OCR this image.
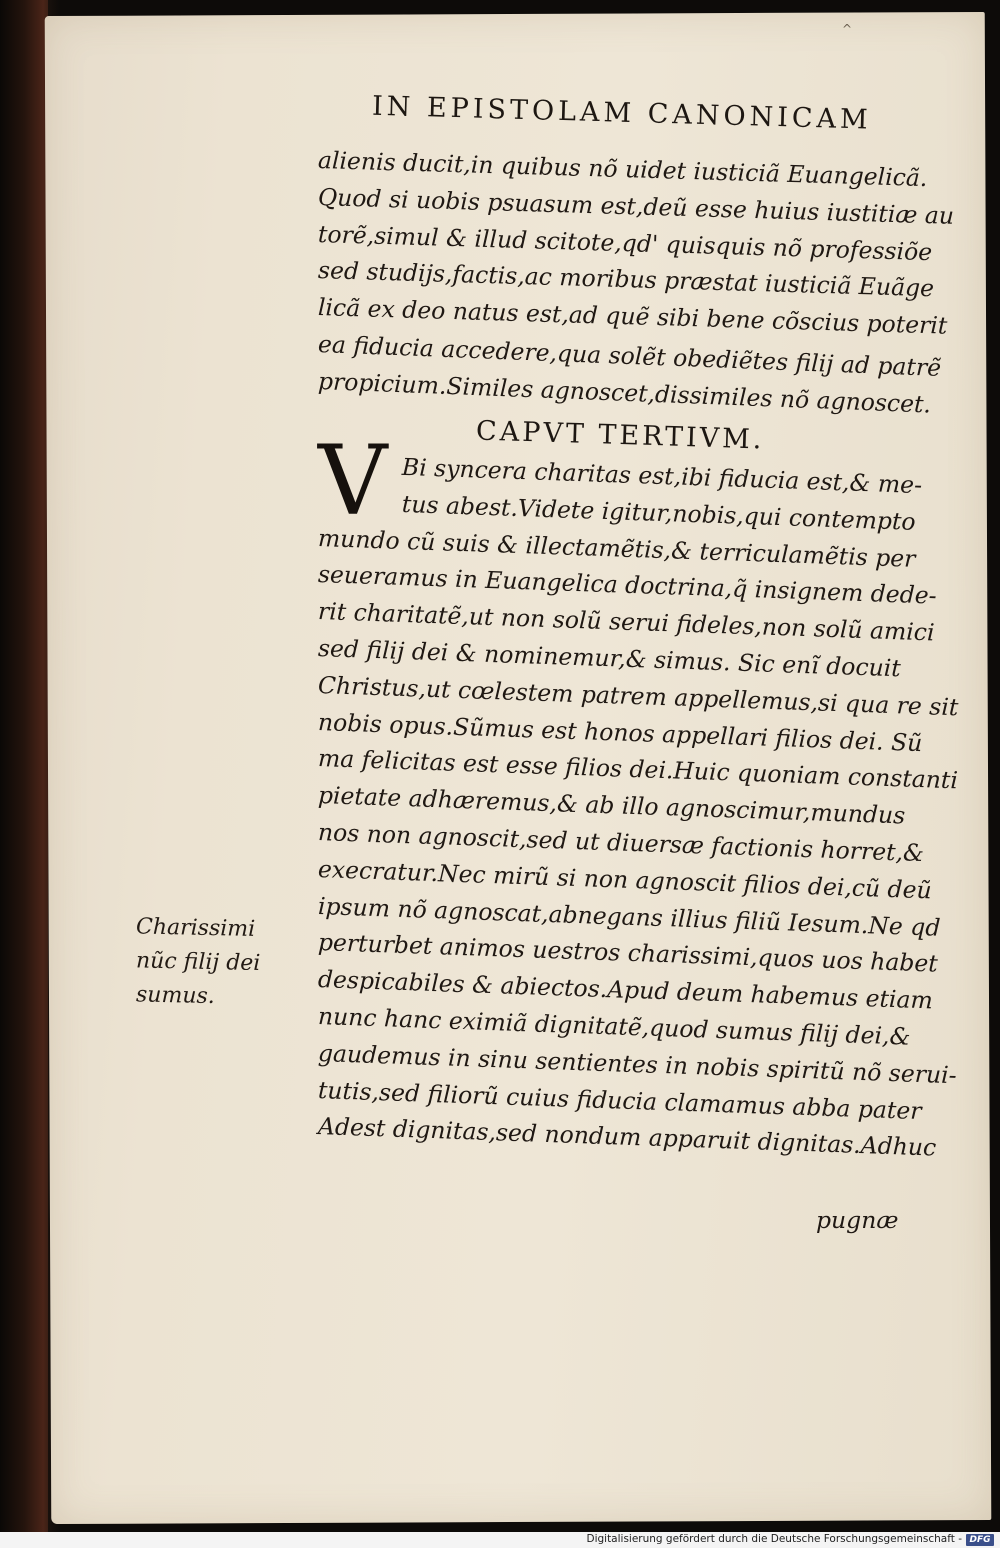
^
IN EPISTOLAM CANONICAM
alienis ducit,in quibus nõ uidet iusticiã Euangelicã.
Quod si uobis psuasum est,deũ esse huius iustitiæ au
torẽ,simul & illud scitote,qd' quisquis nõ professiõe
sed studijs,factis,ac moribus præstat iusticiã Euãge
licã ex deo natus est,ad quẽ sibi bene cõscius poterit
ea fiducia accedere,qua solẽt obediẽtes filij ad patrẽ
propicium.Similes agnoscet,dissimiles nõ agnoscet.
CAPVT TERTIVM.
V Bi syncera charitas est,ibi fiducia est,& me-
tus abest.Videte igitur,nobis,qui contempto
mundo cũ suis & illectamẽtis,& terriculamẽtis per
seueramus in Euangelica doctrina,q̃ insignem dede-
rit charitatẽ,ut non solũ serui fideles,non solũ amici
sed filij dei & nominemur,& simus. Sic enĩ docuit
Christus,ut cœlestem patrem appellemus,si qua re sit
nobis opus.Sũmus est honos appellari filios dei. Sũ
ma felicitas est esse filios dei.Huic quoniam constanti
pietate adhæremus,& ab illo agnoscimur,mundus
nos non agnoscit,sed ut diuersæ factionis horret,&
execratur.Nec mirũ si non agnoscit filios dei,cũ deũ
ipsum nõ agnoscat,abnegans illius filiũ Iesum.Ne qd
perturbet animos uestros charissimi,quos uos habet
despicabiles & abiectos.Apud deum habemus etiam
nunc hanc eximiã dignitatẽ,quod sumus filij dei,&
gaudemus in sinu sentientes in nobis spiritũ nõ serui-
tutis,sed filiorũ cuius fiducia clamamus abba pater
Adest dignitas,sed nondum apparuit dignitas.Adhuc
Charissimi
nũc filij dei
sumus.
pugnæ
Digitalisierung gefördert durch die Deutsche Forschungsgemeinschaft - DFG
